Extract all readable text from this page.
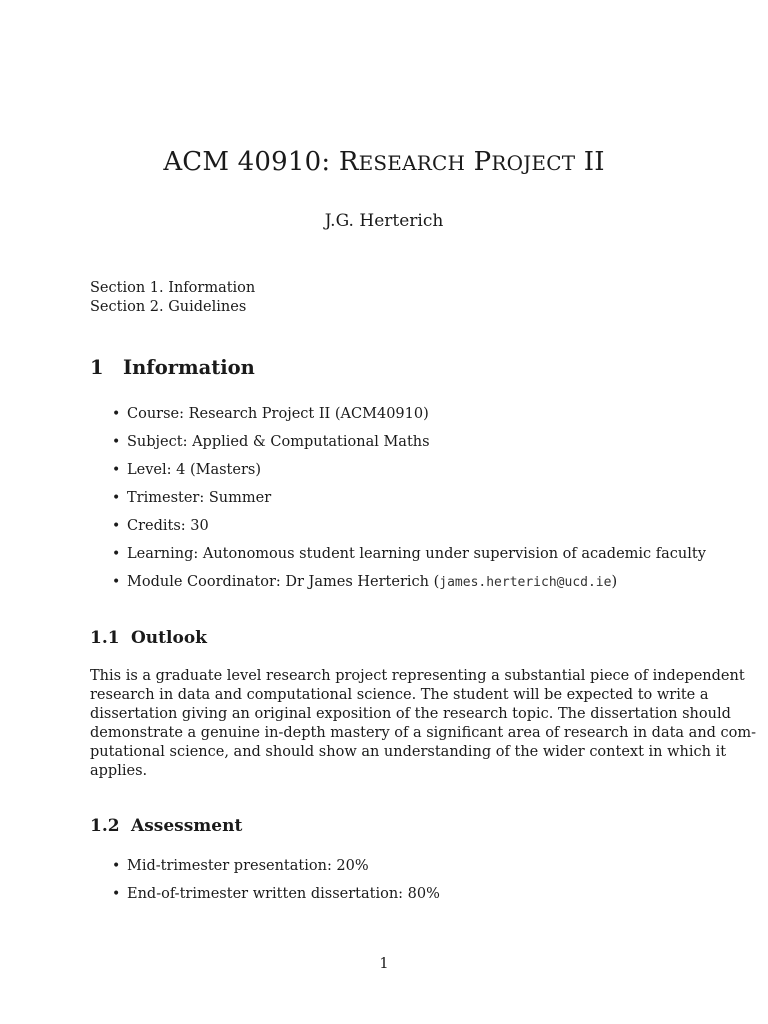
ACM 40910: RESEARCH PROJECT II
J.G. Herterich
Section 1. Information
Section 2. Guidelines
1 Information
• Course: Research Project II (ACM40910)
• Subject: Applied & Computational Maths
• Level: 4 (Masters)
• Trimester: Summer
• Credits: 30
• Learning: Autonomous student learning under supervision of academic faculty
• Module Coordinator: Dr James Herterich (james.herterich@ucd.ie)
1.1 Outlook
This is a graduate level research project representing a substantial piece of independent
research in data and computational science. The student will be expected to write a
dissertation giving an original exposition of the research topic. The dissertation should
demonstrate a genuine in-depth mastery of a significant area of research in data and com-
putational science, and should show an understanding of the wider context in which it
applies.
1.2 Assessment
• Mid-trimester presentation: 20%
• End-of-trimester written dissertation: 80%
1
